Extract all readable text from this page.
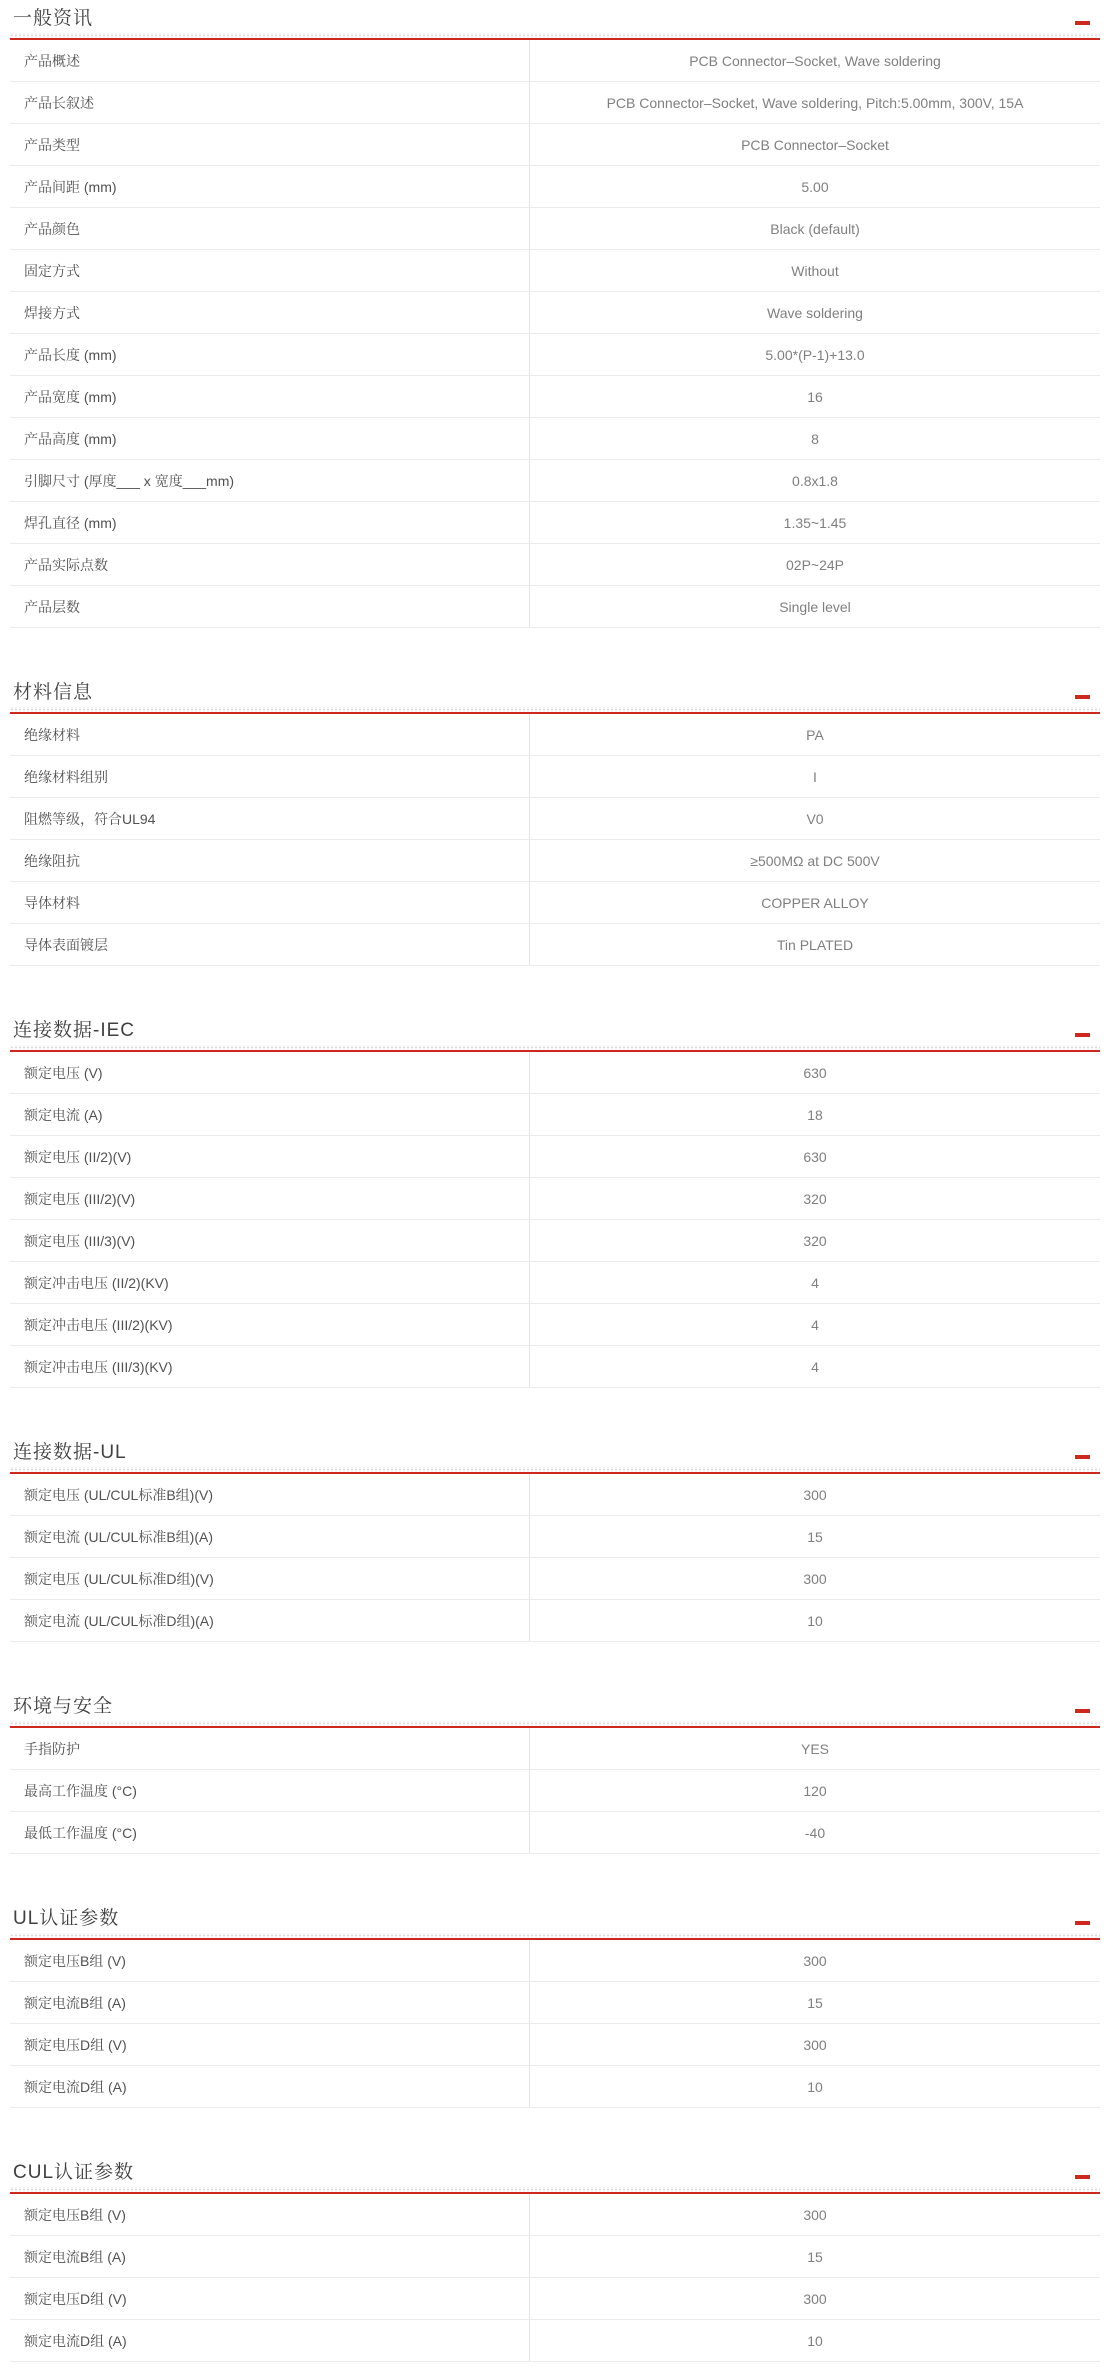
一般资讯
产品概述	PCB Connector–Socket, Wave soldering
产品长叙述	PCB Connector–Socket, Wave soldering, Pitch:5.00mm, 300V, 15A
产品类型	PCB Connector–Socket
产品间距 (mm)	5.00
产品颜色	Black (default)
固定方式	Without
焊接方式	Wave soldering
产品长度 (mm)	5.00*(P-1)+13.0
产品宽度 (mm)	16
产品高度 (mm)	8
引脚尺寸 (厚度___ x 宽度___mm)	0.8x1.8
焊孔直径 (mm)	1.35~1.45
产品实际点数	02P~24P
产品层数	Single level
材料信息
绝缘材料	PA
绝缘材料组别	I
阻燃等级，符合UL94	V0
绝缘阻抗	≥500MΩ at DC 500V
导体材料	COPPER ALLOY
导体表面镀层	Tin PLATED
连接数据-IEC
额定电压 (V)	630
额定电流 (A)	18
额定电压 (II/2)(V)	630
额定电压 (III/2)(V)	320
额定电压 (III/3)(V)	320
额定冲击电压 (II/2)(KV)	4
额定冲击电压 (III/2)(KV)	4
额定冲击电压 (III/3)(KV)	4
连接数据-UL
额定电压 (UL/CUL标准B组)(V)	300
额定电流 (UL/CUL标准B组)(A)	15
额定电压 (UL/CUL标准D组)(V)	300
额定电流 (UL/CUL标准D组)(A)	10
环境与安全
手指防护	YES
最高工作温度 (°C)	120
最低工作温度 (°C)	-40
UL认证参数
额定电压B组 (V)	300
额定电流B组 (A)	15
额定电压D组 (V)	300
额定电流D组 (A)	10
CUL认证参数
额定电压B组 (V)	300
额定电流B组 (A)	15
额定电压D组 (V)	300
额定电流D组 (A)	10
